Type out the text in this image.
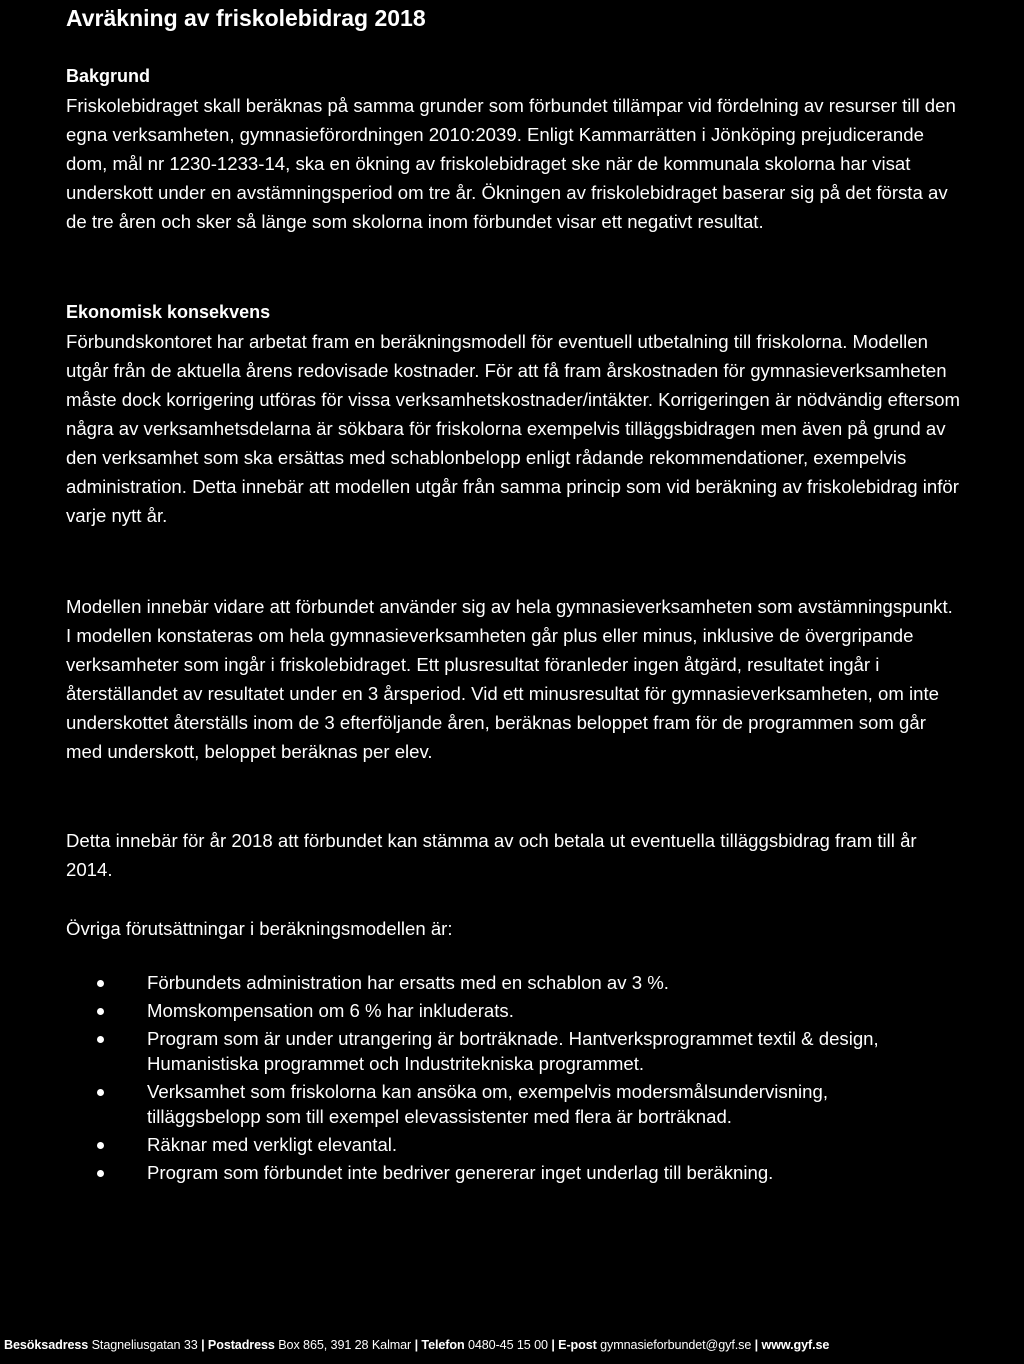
Avräkning av friskolebidrag 2018
Bakgrund

Friskolebidraget skall beräknas på samma grunder som förbundet tillämpar vid fördelning av resurser till den egna verksamheten, gymnasieförordningen 2010:2039. Enligt Kammarrätten i Jönköping prejudicerande dom, mål nr 1230-1233-14, ska en ökning av friskolebidraget ske när de kommunala skolorna har visat underskott under en avstämningsperiod om tre år. Ökningen av friskolebidraget baserar sig på det första av de tre åren och sker så länge som skolorna inom förbundet visar ett negativt resultat.

Ekonomisk konsekvens

Förbundskontoret har arbetat fram en beräkningsmodell för eventuell utbetalning till friskolorna. Modellen utgår från de aktuella årens redovisade kostnader. För att få fram årskostnaden för gymnasieverksamheten måste dock korrigering utföras för vissa verksamhetskostnader/intäkter. Korrigeringen är nödvändig eftersom några av verksamhetsdelarna är sökbara för friskolorna exempelvis tilläggsbidragen men även på grund av den verksamhet som ska ersättas med schablonbelopp enligt rådande rekommendationer, exempelvis administration. Detta innebär att modellen utgår från samma princip som vid beräkning av friskolebidrag inför varje nytt år.

Modellen innebär vidare att förbundet använder sig av hela gymnasieverksamheten som avstämningspunkt. I modellen konstateras om hela gymnasieverksamheten går plus eller minus, inklusive de övergripande verksamheter som ingår i friskolebidraget. Ett plusresultat föranleder ingen åtgärd, resultatet ingår i återställandet av resultatet under en 3 årsperiod. Vid ett minusresultat för gymnasieverksamheten, om inte underskottet återställs inom de 3 efterföljande åren, beräknas beloppet fram för de programmen som går med underskott, beloppet beräknas per elev.

Detta innebär för år 2018 att förbundet kan stämma av och betala ut eventuella tilläggsbidrag fram till år 2014.

Övriga förutsättningar i beräkningsmodellen är:

Förbundets administration har ersatts med en schablon av 3 %.
Momskompensation om 6 % har inkluderats.
Program som är under utrangering är borträknade. Hantverksprogrammet textil & design, Humanistiska programmet och Industritekniska programmet.
Verksamhet som friskolorna kan ansöka om, exempelvis modersmålsundervisning, tilläggsbelopp som till exempel elevassistenter med flera är borträknad.
Räknar med verkligt elevantal.
Program som förbundet inte bedriver genererar inget underlag till beräkning.
Besöksadress Stagneliusgatan 33 | Postadress Box 865, 391 28 Kalmar | Telefon 0480-45 15 00 | E-post gymnasieforbundet@gyf.se | www.gyf.se
